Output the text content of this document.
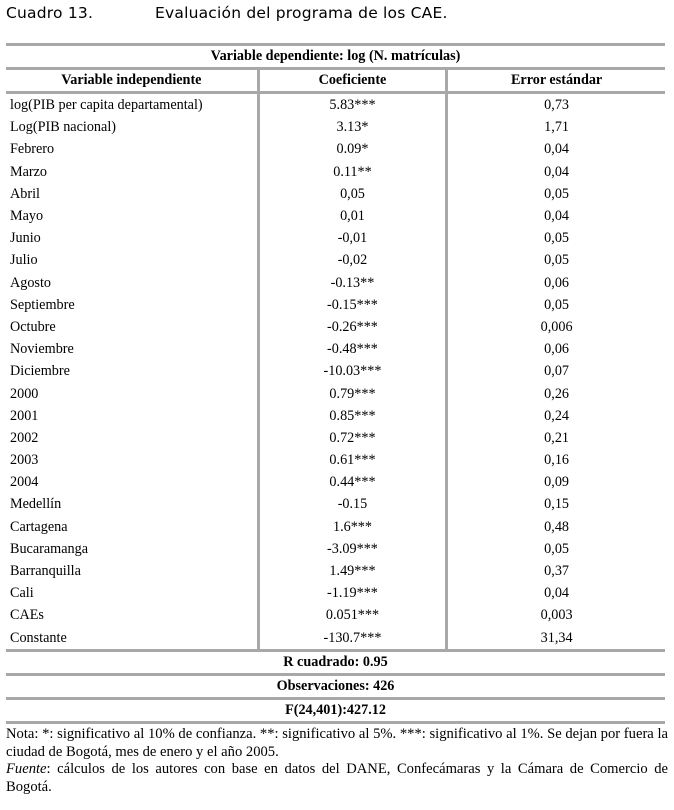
Cuadro 13.	Evaluación del programa de los CAE.
Variable dependiente: log (N. matrículas)		
Variable independiente	Coeficiente	Error estándar
log(PIB per capita departamental)	5.83***	0,73
Log(PIB nacional)	3.13*	1,71
Febrero	0.09*	0,04
Marzo	0.11**	0,04
Abril	0,05	0,05
Mayo	0,01	0,04
Junio	-0,01	0,05
Julio	-0,02	0,05
Agosto	-0.13**	0,06
Septiembre	-0.15***	0,05
Octubre	-0.26***	0,006
Noviembre	-0.48***	0,06
Diciembre	-10.03***	0,07
2000	0.79***	0,26
2001	0.85***	0,24
2002	0.72***	0,21
2003	0.61***	0,16
2004	0.44***	0,09
Medellín	-0.15	0,15
Cartagena	1.6***	0,48
Bucaramanga	-3.09***	0,05
Barranquilla	1.49***	0,37
Cali	-1.19***	0,04
CAEs	0.051***	0,003
Constante	-130.7***	31,34
R cuadrado: 0.95		
Observaciones: 426		
F(24,401):427.12		

Nota: *: significativo al 10% de confianza. **: significativo al 5%. ***: significativo al 1%. Se dejan por fuera la ciudad de Bogotá, mes de enero y el año 2005.

Fuente: cálculos de los autores con base en datos del DANE, Confecámaras y la Cámara de Comercio de Bogotá.
